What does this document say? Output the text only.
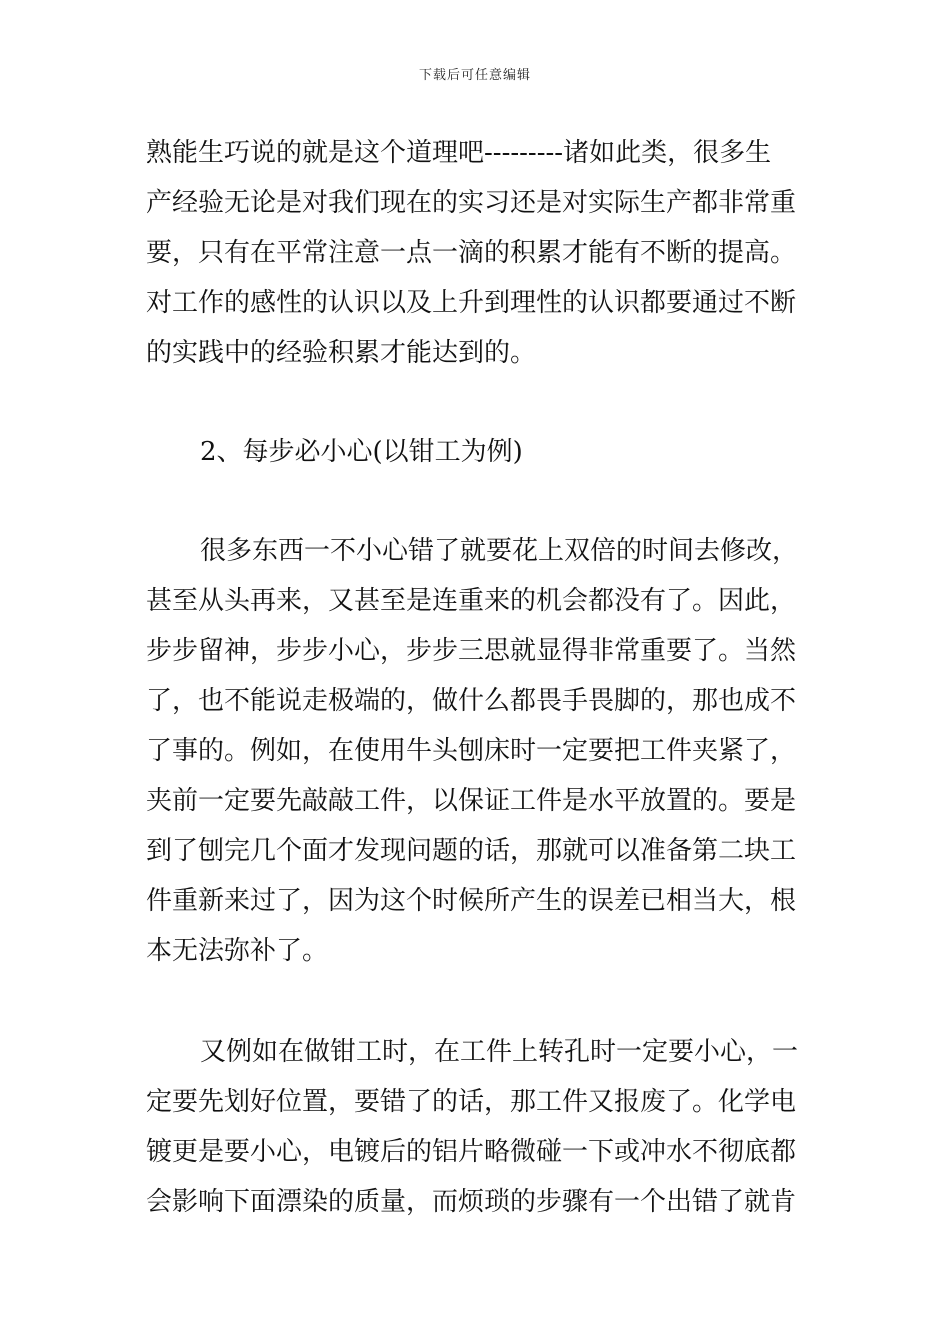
下载后可任意编辑
熟能生巧说的就是这个道理吧---------诸如此类，很多生
产经验无论是对我们现在的实习还是对实际生产都非常重
要，只有在平常注意一点一滴的积累才能有不断的提高。
对工作的感性的认识以及上升到理性的认识都要通过不断
的实践中的经验积累才能达到的。
2、每步必小心(以钳工为例)
很多东西一不小心错了就要花上双倍的时间去修改，
甚至从头再来，又甚至是连重来的机会都没有了。因此，
步步留神，步步小心，步步三思就显得非常重要了。当然
了，也不能说走极端的，做什么都畏手畏脚的，那也成不
了事的。例如，在使用牛头刨床时一定要把工件夹紧了，
夹前一定要先敲敲工件，以保证工件是水平放置的。要是
到了刨完几个面才发现问题的话，那就可以准备第二块工
件重新来过了，因为这个时候所产生的误差已相当大，根
本无法弥补了。
又例如在做钳工时，在工件上转孔时一定要小心，一
定要先划好位置，要错了的话，那工件又报废了。化学电
镀更是要小心，电镀后的铝片略微碰一下或冲水不彻底都
会影响下面漂染的质量，而烦琐的步骤有一个出错了就肯
